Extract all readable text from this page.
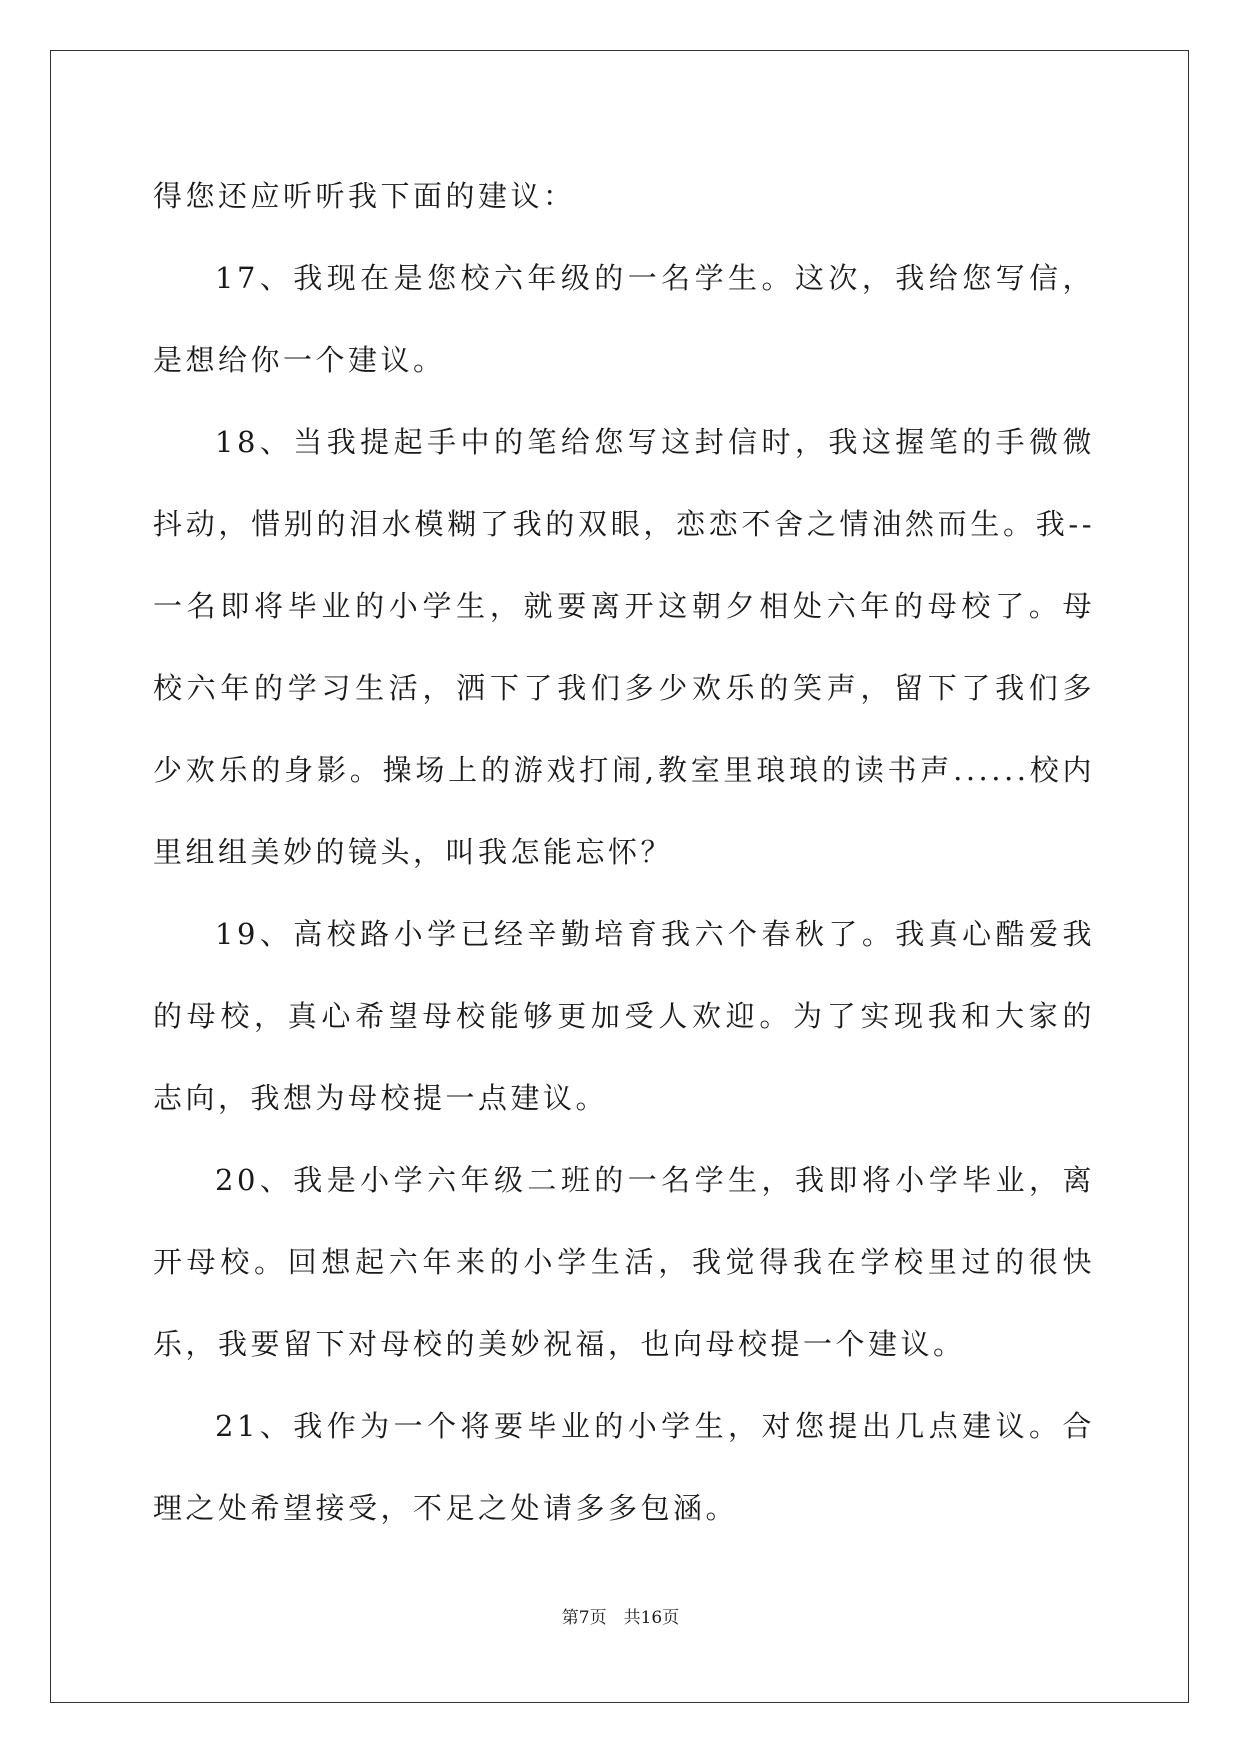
得您还应听听我下面的建议：

17、我现在是您校六年级的一名学生。这次，我给您写信，是想给你一个建议。

18、当我提起手中的笔给您写这封信时，我这握笔的手微微抖动，惜别的泪水模糊了我的双眼，恋恋不舍之情油然而生。我--一名即将毕业的小学生，就要离开这朝夕相处六年的母校了。母校六年的学习生活，洒下了我们多少欢乐的笑声，留下了我们多少欢乐的身影。操场上的游戏打闹,教室里琅琅的读书声......校内里组组美妙的镜头，叫我怎能忘怀？

19、高校路小学已经辛勤培育我六个春秋了。我真心酷爱我的母校，真心希望母校能够更加受人欢迎。为了实现我和大家的志向，我想为母校提一点建议。

20、我是小学六年级二班的一名学生，我即将小学毕业，离开母校。回想起六年来的小学生活，我觉得我在学校里过的很快乐，我要留下对母校的美妙祝福，也向母校提一个建议。

21、我作为一个将要毕业的小学生，对您提出几点建议。合理之处希望接受，不足之处请多多包涵。

第7页　共16页
